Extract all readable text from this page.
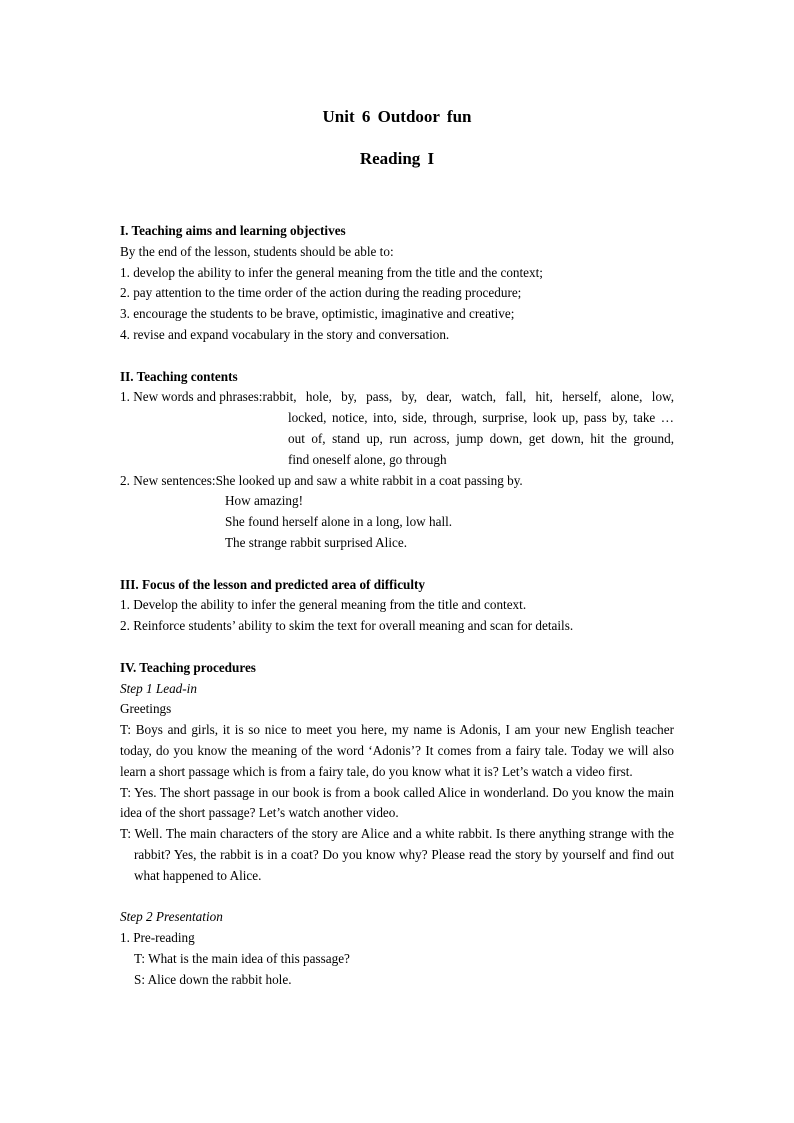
Unit 6 Outdoor fun
Reading I

I. Teaching aims and learning objectives

By the end of the lesson, students should be able to:

1. develop the ability to infer the general meaning from the title and the context;

2. pay attention to the time order of the action during the reading procedure;

3. encourage the students to be brave, optimistic, imaginative and creative;

4. revise and expand vocabulary in the story and conversation.

II. Teaching contents

1. New words and phrases: rabbit, hole, by, pass, by, dear, watch, fall, hit, herself, alone, low,

locked, notice, into, side, through, surprise, look up, pass by, take …

out of, stand up, run across, jump down, get down, hit the ground,

find oneself alone, go through

2. New sentences: She looked up and saw a white rabbit in a coat passing by.

How amazing!

She found herself alone in a long, low hall.

The strange rabbit surprised Alice.

III. Focus of the lesson and predicted area of difficulty

1. Develop the ability to infer the general meaning from the title and context.

2. Reinforce students’ ability to skim the text for overall meaning and scan for details.

IV. Teaching procedures

Step 1 Lead-in

Greetings

T: Boys and girls, it is so nice to meet you here, my name is Adonis, I am your new English teacher today, do you know the meaning of the word ‘Adonis’? It comes from a fairy tale. Today we will also learn a short passage which is from a fairy tale, do you know what it is? Let’s watch a video first.

T: Yes. The short passage in our book is from a book called Alice in wonderland. Do you know the main idea of the short passage? Let’s watch another video.

T: Well. The main characters of the story are Alice and a white rabbit. Is there anything strange with the rabbit? Yes, the rabbit is in a coat? Do you know why? Please read the story by yourself and find out what happened to Alice.

Step 2 Presentation

1. Pre-reading

T: What is the main idea of this passage?

S: Alice down the rabbit hole.
